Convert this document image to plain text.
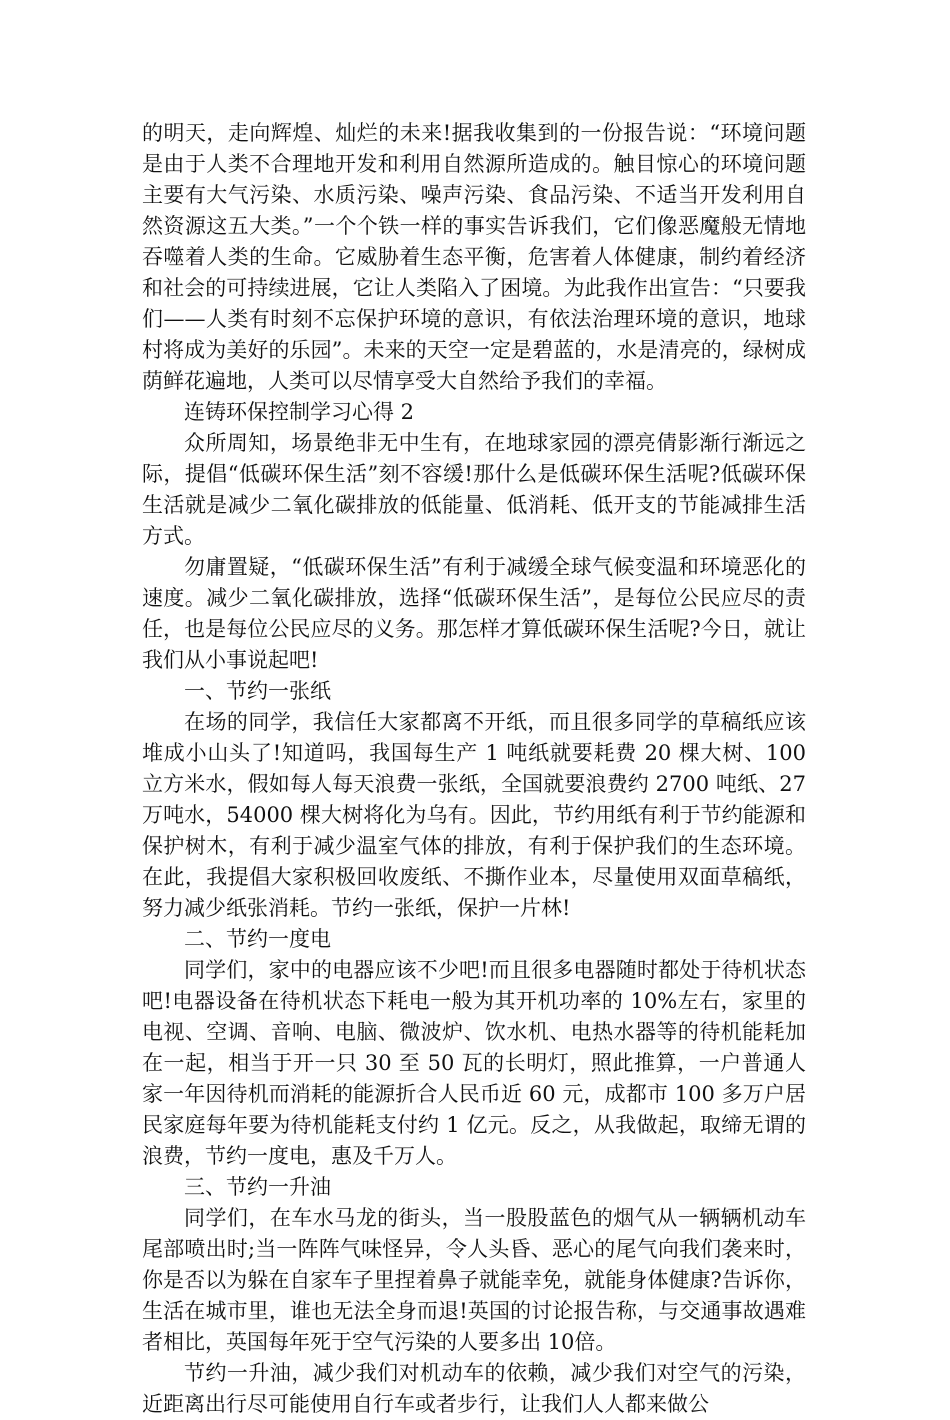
的明天，走向辉煌、灿烂的未来!据我收集到的一份报告说：“环境问题是由于人类不合理地开发和利用自然源所造成的。触目惊心的环境问题主要有大气污染、水质污染、噪声污染、食品污染、不适当开发利用自然资源这五大类。”一个个铁一样的事实告诉我们，它们像恶魔般无情地吞噬着人类的生命。它威胁着生态平衡，危害着人体健康，制约着经济和社会的可持续进展，它让人类陷入了困境。为此我作出宣告：“只要我们——人类有时刻不忘保护环境的意识，有依法治理环境的意识，地球村将成为美好的乐园”。未来的天空一定是碧蓝的，水是清亮的，绿树成荫鲜花遍地，人类可以尽情享受大自然给予我们的幸福。

连铸环保控制学习心得 2

众所周知，场景绝非无中生有，在地球家园的漂亮倩影渐行渐远之际，提倡“低碳环保生活”刻不容缓!那什么是低碳环保生活呢?低碳环保生活就是减少二氧化碳排放的低能量、低消耗、低开支的节能减排生活方式。

勿庸置疑，“低碳环保生活”有利于减缓全球气候变温和环境恶化的速度。减少二氧化碳排放，选择“低碳环保生活”，是每位公民应尽的责任，也是每位公民应尽的义务。那怎样才算低碳环保生活呢?今日，就让我们从小事说起吧!

一、节约一张纸

在场的同学，我信任大家都离不开纸，而且很多同学的草稿纸应该堆成小山头了!知道吗，我国每生产 1 吨纸就要耗费 20 棵大树、100 立方米水，假如每人每天浪费一张纸，全国就要浪费约 2700 吨纸、27 万吨水，54000 棵大树将化为乌有。因此，节约用纸有利于节约能源和保护树木，有利于减少温室气体的排放，有利于保护我们的生态环境。在此，我提倡大家积极回收废纸、不撕作业本，尽量使用双面草稿纸，努力减少纸张消耗。节约一张纸，保护一片林!

二、节约一度电

同学们，家中的电器应该不少吧!而且很多电器随时都处于待机状态吧!电器设备在待机状态下耗电一般为其开机功率的 10%左右，家里的电视、空调、音响、电脑、微波炉、饮水机、电热水器等的待机能耗加在一起，相当于开一只 30 至 50 瓦的长明灯，照此推算，一户普通人家一年因待机而消耗的能源折合人民币近 60 元，成都市 100 多万户居民家庭每年要为待机能耗支付约 1 亿元。反之，从我做起，取缔无谓的浪费，节约一度电，惠及千万人。

三、节约一升油

同学们，在车水马龙的街头，当一股股蓝色的烟气从一辆辆机动车尾部喷出时;当一阵阵气味怪异，令人头昏、恶心的尾气向我们袭来时，你是否以为躲在自家车子里捏着鼻子就能幸免，就能身体健康?告诉你，生活在城市里，谁也无法全身而退!英国的讨论报告称，与交通事故遇难者相比，英国每年死于空气污染的人要多出 10倍。

节约一升油，减少我们对机动车的依赖，减少我们对空气的污染，近距离出行尽可能使用自行车或者步行，让我们人人都来做公
